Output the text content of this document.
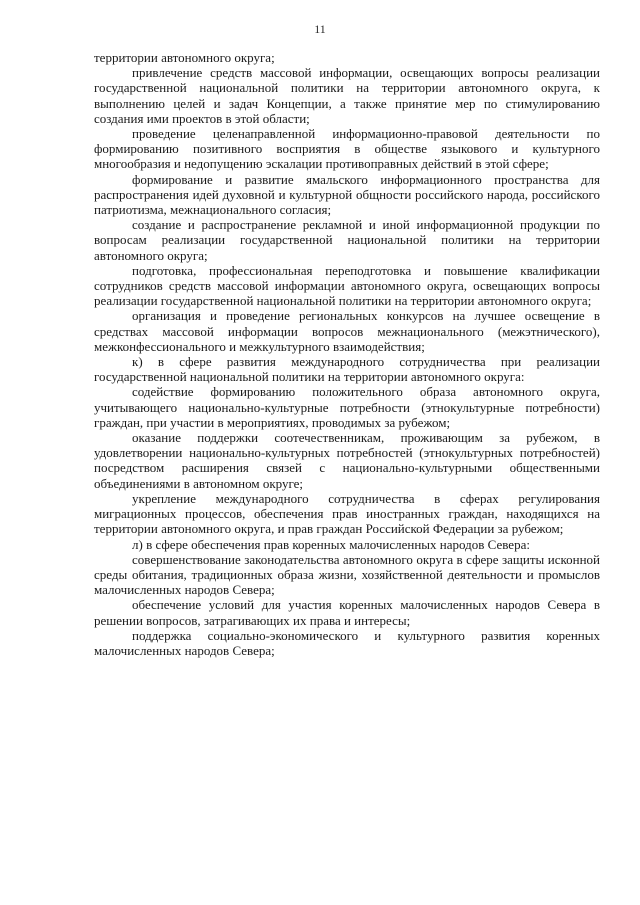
11

территории автономного округа;

привлечение средств массовой информации, освещающих вопросы реализации государственной национальной политики на территории автономного округа, к выполнению целей и задач Концепции, а также принятие мер по стимулированию создания ими проектов в этой области;

проведение целенаправленной информационно-правовой деятельности по формированию позитивного восприятия в обществе языкового и культурного многообразия и недопущению эскалации противоправных действий в этой сфере;

формирование и развитие ямальского информационного пространства для распространения идей духовной и культурной общности российского народа, российского патриотизма, межнационального согласия;

создание и распространение рекламной и иной информационной продукции по вопросам реализации государственной национальной политики на территории автономного округа;

подготовка, профессиональная переподготовка и повышение квалификации сотрудников средств массовой информации автономного округа, освещающих вопросы реализации государственной национальной политики на территории автономного округа;

организация и проведение региональных конкурсов на лучшее освещение в средствах массовой информации вопросов межнационального (межэтнического), межконфессионального и межкультурного взаимодействия;

к) в сфере развития международного сотрудничества при реализации государственной национальной политики на территории автономного округа:

содействие формированию положительного образа автономного округа, учитывающего национально-культурные потребности (этнокультурные потребности) граждан, при участии в мероприятиях, проводимых за рубежом;

оказание поддержки соотечественникам, проживающим за рубежом, в удовлетворении национально-культурных потребностей (этнокультурных потребностей) посредством расширения связей с национально-культурными общественными объединениями в автономном округе;

укрепление международного сотрудничества в сферах регулирования миграционных процессов, обеспечения прав иностранных граждан, находящихся на территории автономного округа, и прав граждан Российской Федерации за рубежом;

л) в сфере обеспечения прав коренных малочисленных народов Севера:

совершенствование законодательства автономного округа в сфере защиты исконной среды обитания, традиционных образа жизни, хозяйственной деятельности и промыслов малочисленных народов Севера;

обеспечение условий для участия коренных малочисленных народов Севера в решении вопросов, затрагивающих их права и интересы;

поддержка социально-экономического и культурного развития коренных малочисленных народов Севера;
